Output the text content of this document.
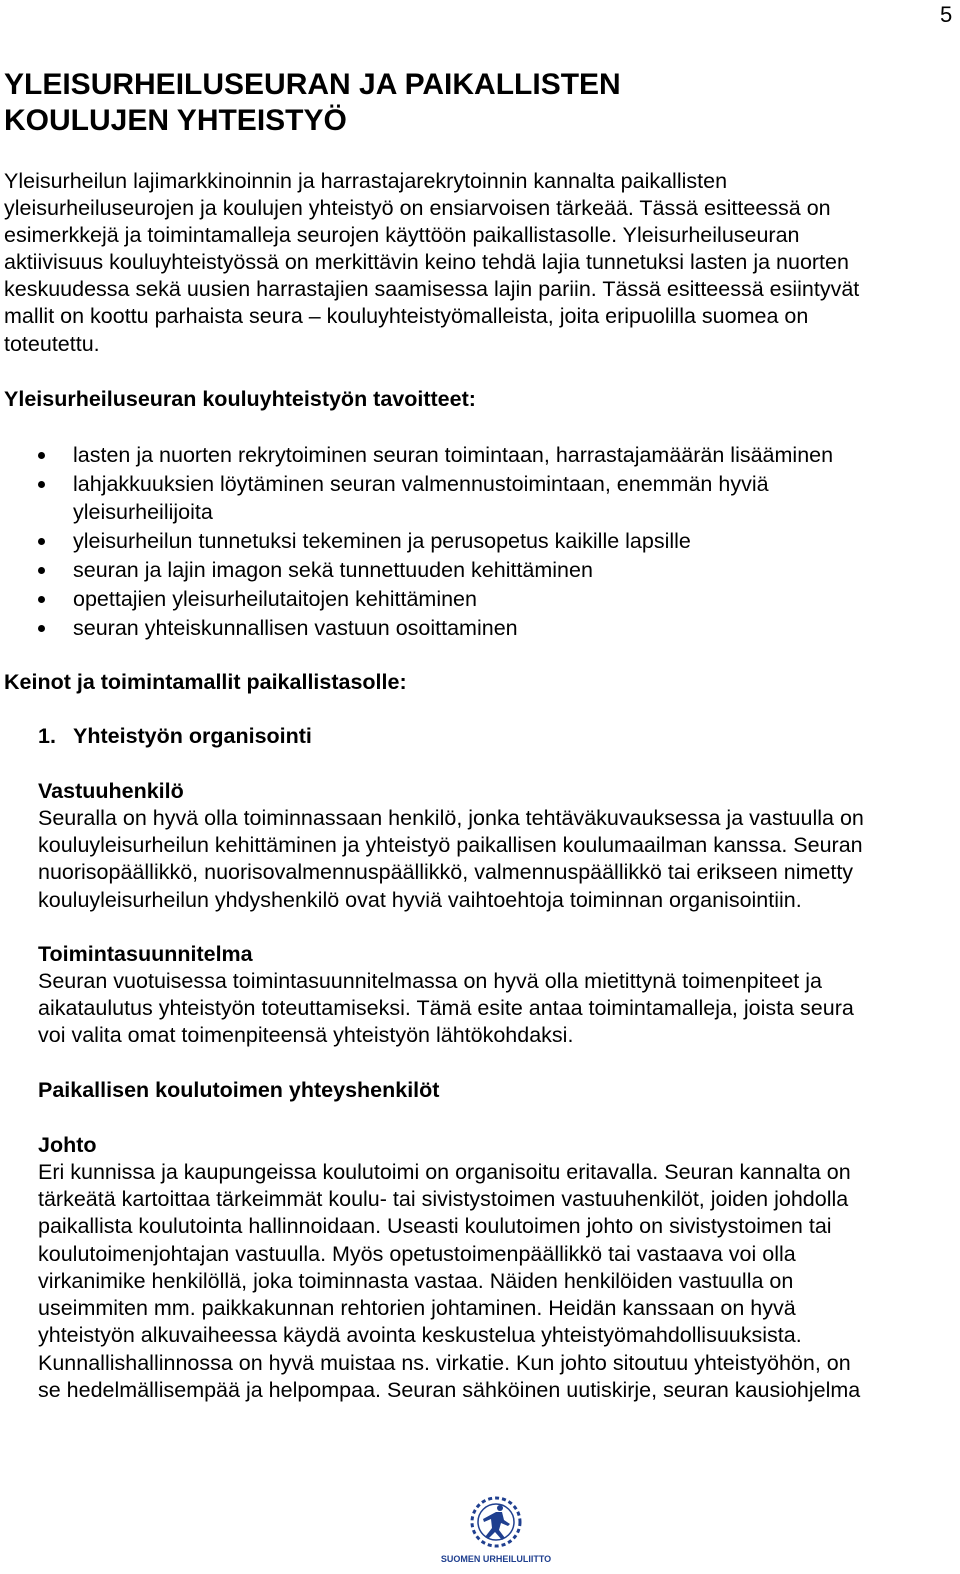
5
YLEISURHEILUSEURAN JA PAIKALLISTEN
KOULUJEN YHTEISTYÖ
Yleisurheilun lajimarkkinoinnin ja harrastajarekrytoinnin kannalta paikallisten
yleisurheiluseurojen ja koulujen yhteistyö on ensiarvoisen tärkeää. Tässä esitteessä on
esimerkkejä ja toimintamalleja seurojen käyttöön paikallistasolle. Yleisurheiluseuran
aktiivisuus kouluyhteistyössä on merkittävin keino tehdä lajia tunnetuksi lasten ja nuorten
keskuudessa sekä uusien harrastajien saamisessa lajin pariin. Tässä esitteessä esiintyvät
mallit on koottu parhaista seura – kouluyhteistyömalleista, joita eripuolilla suomea on
toteutettu.
Yleisurheiluseuran kouluyhteistyön tavoitteet:
lasten ja nuorten rekrytoiminen seuran toimintaan, harrastajamäärän lisääminen
lahjakkuuksien löytäminen seuran valmennustoimintaan, enemmän hyviä
yleisurheilijoita
yleisurheilun tunnetuksi tekeminen ja perusopetus kaikille lapsille
seuran ja lajin imagon sekä tunnettuuden kehittäminen
opettajien yleisurheilutaitojen kehittäminen
seuran yhteiskunnallisen vastuun osoittaminen
Keinot ja toimintamallit paikallistasolle:
1. Yhteistyön organisointi
Vastuuhenkilö
Seuralla on hyvä olla toiminnassaan henkilö, jonka tehtäväkuvauksessa ja vastuulla on
kouluyleisurheilun kehittäminen ja yhteistyö paikallisen koulumaailman kanssa. Seuran
nuorisopäällikkö, nuorisovalmennuspäällikkö, valmennuspäällikkö tai erikseen nimetty
kouluyleisurheilun yhdyshenkilö ovat hyviä vaihtoehtoja toiminnan organisointiin.
Toimintasuunnitelma
Seuran vuotuisessa toimintasuunnitelmassa on hyvä olla mietittynä toimenpiteet ja
aikataulutus yhteistyön toteuttamiseksi. Tämä esite antaa toimintamalleja, joista seura
voi valita omat toimenpiteensä yhteistyön lähtökohdaksi.
Paikallisen koulutoimen yhteyshenkilöt
Johto
Eri kunnissa ja kaupungeissa koulutoimi on organisoitu eritavalla. Seuran kannalta on
tärkeätä kartoittaa tärkeimmät koulu- tai sivistystoimen vastuuhenkilöt, joiden johdolla
paikallista koulutointa hallinnoidaan. Useasti koulutoimen johto on sivistystoimen tai
koulutoimenjohtajan vastuulla. Myös opetustoimenpäällikkö tai vastaava voi olla
virkanimike henkilöllä, joka toiminnasta vastaa. Näiden henkilöiden vastuulla on
useimmiten mm. paikkakunnan rehtorien johtaminen. Heidän kanssaan on hyvä
yhteistyön alkuvaiheessa käydä avointa keskustelua yhteistyömahdollisuuksista.
Kunnallishallinnossa on hyvä muistaa ns. virkatie. Kun johto sitoutuu yhteistyöhön, on
se hedelmällisempää ja helpompaa. Seuran sähköinen uutiskirje, seuran kausiohjelma
SUOMEN URHEILULIITTO
